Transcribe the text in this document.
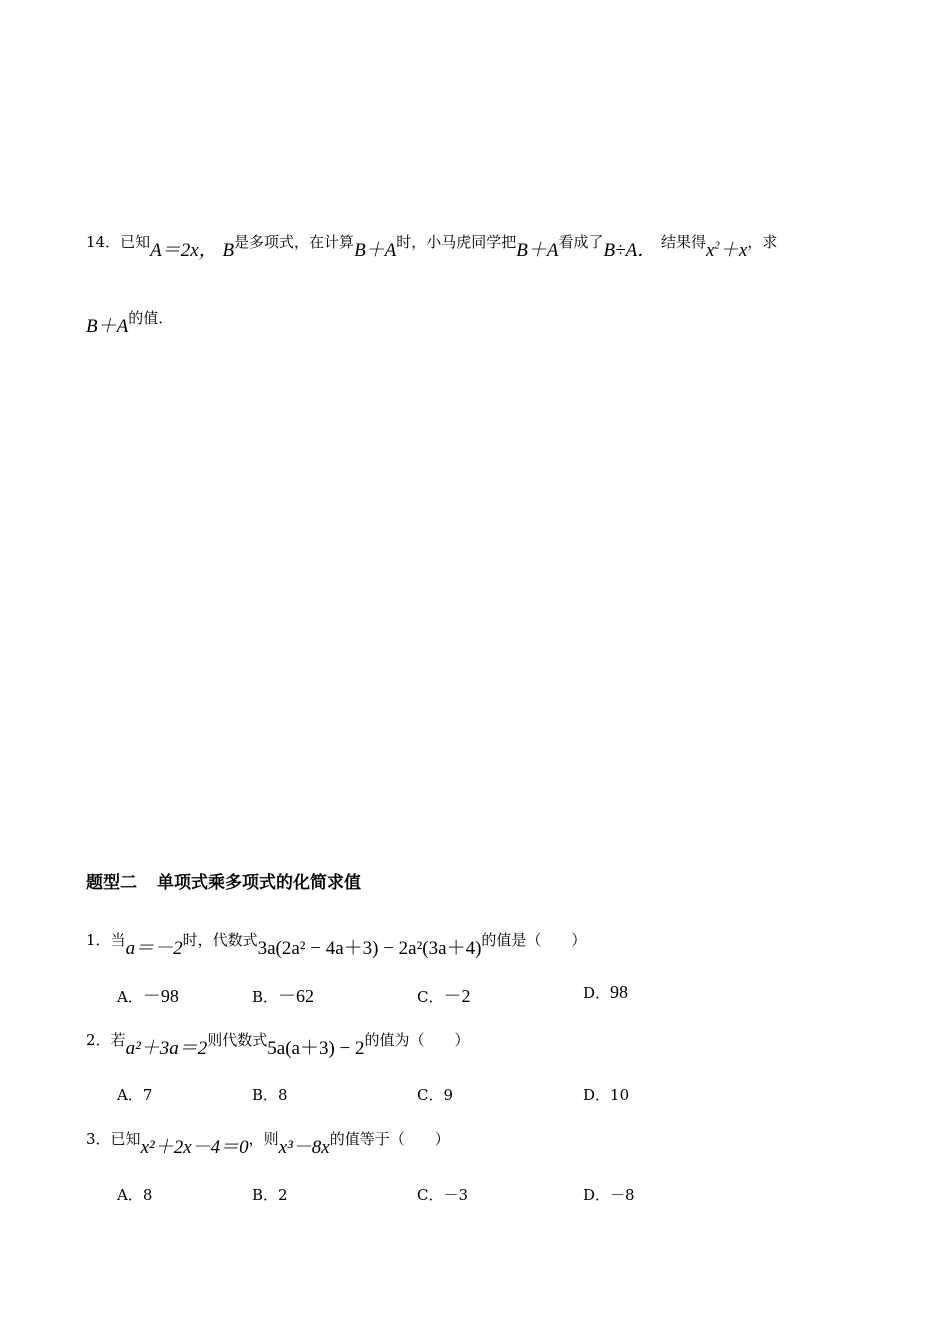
14．已知A＝2x， B是多项式，在计算B＋A时，小马虎同学把B＋A看成了B÷A． 结果得$x^2+x$，求
B＋A的值．
题型二 单项式乘多项式的化简求值
1．当a＝－2时，代数式3a(2a² − 4a＋3) − 2a²(3a＋4)的值是（　　）
A．－98	B．－62	C．－2	D．98
2．若a²＋3a＝2则代数式5a(a＋3) − 2的值为（　　）
A．7	B．8	C．9	D．10
3．已知x²＋2x－4＝0，则x³－8x的值等于（　　）
A．8	B．2	C．－3	D．－8
